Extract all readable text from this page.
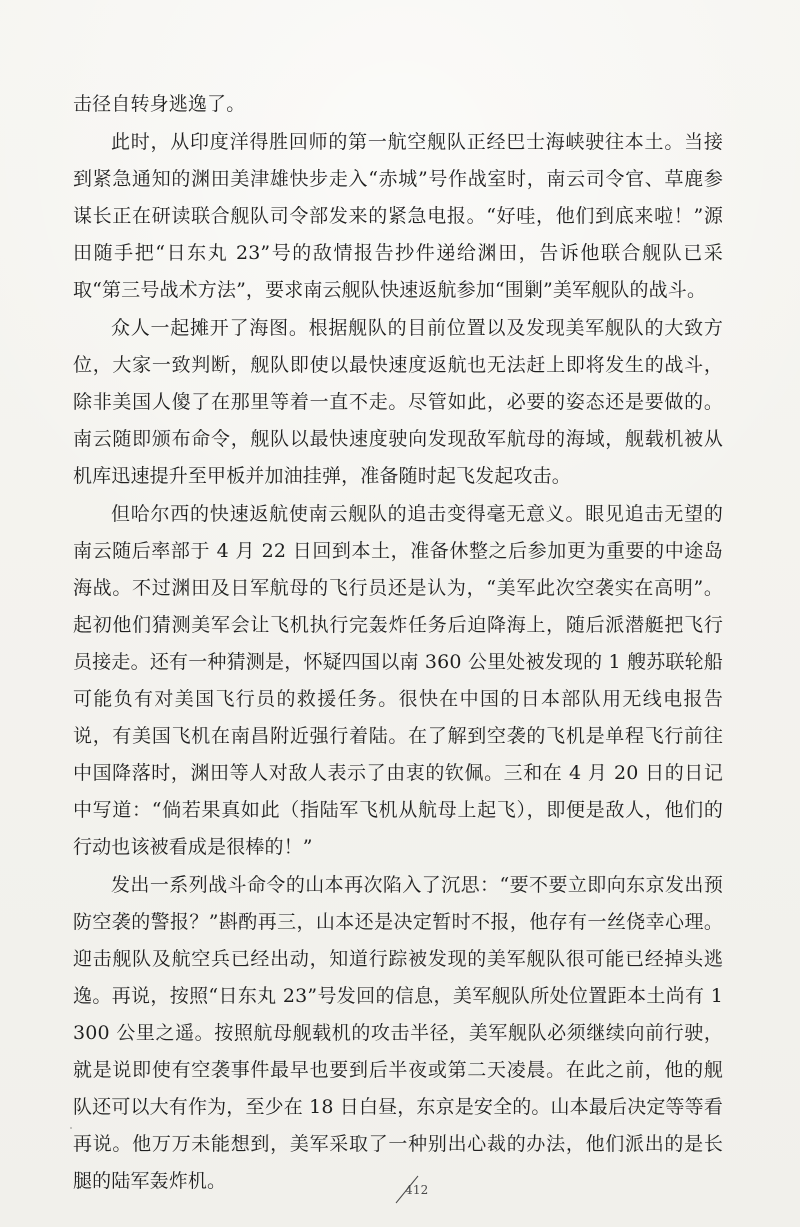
击径自转身逃逸了。

此时，从印度洋得胜回师的第一航空舰队正经巴士海峡驶往本土。当接到紧急通知的渊田美津雄快步走入“赤城”号作战室时，南云司令官、草鹿参谋长正在研读联合舰队司令部发来的紧急电报。“好哇，他们到底来啦！”源田随手把“日东丸 23”号的敌情报告抄件递给渊田，告诉他联合舰队已采取“第三号战术方法”，要求南云舰队快速返航参加“围剿”美军舰队的战斗。

众人一起摊开了海图。根据舰队的目前位置以及发现美军舰队的大致方位，大家一致判断，舰队即使以最快速度返航也无法赶上即将发生的战斗，除非美国人傻了在那里等着一直不走。尽管如此，必要的姿态还是要做的。南云随即颁布命令，舰队以最快速度驶向发现敌军航母的海域，舰载机被从机库迅速提升至甲板并加油挂弹，准备随时起飞发起攻击。

但哈尔西的快速返航使南云舰队的追击变得毫无意义。眼见追击无望的南云随后率部于 4 月 22 日回到本土，准备休整之后参加更为重要的中途岛海战。不过渊田及日军航母的飞行员还是认为，“美军此次空袭实在高明”。起初他们猜测美军会让飞机执行完轰炸任务后迫降海上，随后派潜艇把飞行员接走。还有一种猜测是，怀疑四国以南 360 公里处被发现的 1 艘苏联轮船可能负有对美国飞行员的救援任务。很快在中国的日本部队用无线电报告说，有美国飞机在南昌附近强行着陆。在了解到空袭的飞机是单程飞行前往中国降落时，渊田等人对敌人表示了由衷的钦佩。三和在 4 月 20 日的日记中写道：“倘若果真如此（指陆军飞机从航母上起飞），即便是敌人，他们的行动也该被看成是很棒的！”

发出一系列战斗命令的山本再次陷入了沉思：“要不要立即向东京发出预防空袭的警报？”斟酌再三，山本还是决定暂时不报，他存有一丝侥幸心理。迎击舰队及航空兵已经出动，知道行踪被发现的美军舰队很可能已经掉头逃逸。再说，按照“日东丸 23”号发回的信息，美军舰队所处位置距本土尚有 1300 公里之遥。按照航母舰载机的攻击半径，美军舰队必须继续向前行驶，就是说即使有空袭事件最早也要到后半夜或第二天凌晨。在此之前，他的舰队还可以大有作为，至少在 18 日白昼，东京是安全的。山本最后决定等等看再说。他万万未能想到，美军采取了一种别出心裁的办法，他们派出的是长腿的陆军轰炸机。	412
